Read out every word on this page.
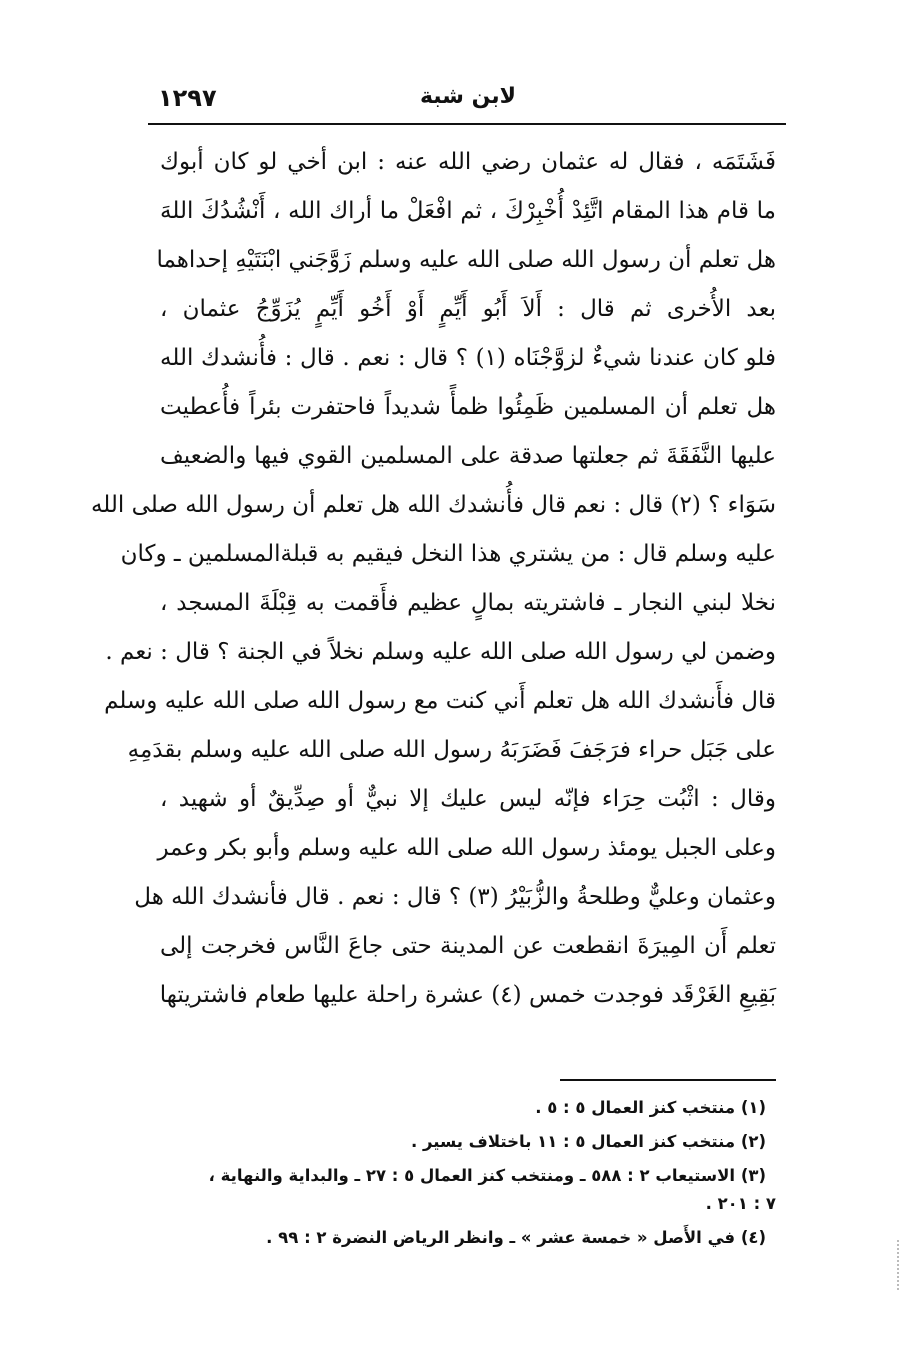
لابن شبة
١٢٩٧
فَشَتَمَه ، فقال له عثمان رضي الله عنه : ابن أخي لو كان أبوك
ما قام هذا المقام اتَّئِدْ أُخْبِرْكَ ، ثم افْعَلْ ما أراك الله ، أَنْشُدُكَ اللهَ
هل تعلم أن رسول الله صلى الله عليه وسلم زَوَّجَني ابْنَتَيْهِ إحداهما
بعد الأُخرى ثم قال : أَلاَ أَبُو أَيِّمٍ أَوْ أَخُو أَيِّمٍ يُزَوِّجُ عثمان ،
فلو كان عندنا شيءٌ لزوَّجْنَاه (١) ؟ قال : نعم . قال : فأُنشدك الله
هل تعلم أن المسلمين ظَمِئُوا ظمأً شديداً فاحتفرت بئراً فأُعطيت
عليها النَّفَقَةَ ثم جعلتها صدقة على المسلمين القوي فيها والضعيف
سَوَاء ؟ (٢) قال : نعم قال فأُنشدك الله هل تعلم أن رسول الله صلى الله
عليه وسلم قال : من يشتري هذا النخل فيقيم به قبلةالمسلمين ـ وكان
نخلا لبني النجار ـ فاشتريته بمالٍ عظيم فأَقمت به قِبْلَةَ المسجد ،
وضمن لي رسول الله صلى الله عليه وسلم نخلاً في الجنة ؟ قال : نعم .
قال فأَنشدك الله هل تعلم أَني كنت مع رسول الله صلى الله عليه وسلم
على جَبَل حراء فرَجَفَ فَضَرَبَهُ رسول الله صلى الله عليه وسلم بقدَمِهِ
وقال : اثْبُت حِرَاء فإنّه ليس عليك إلا نبيٌّ أو صِدِّيقٌ أو شهيد ،
وعلى الجبل يومئذ رسول الله صلى الله عليه وسلم وأبو بكر وعمر
وعثمان وعليٌّ وطلحةُ والزُّبَيْرُ (٣) ؟ قال : نعم . قال فأنشدك الله هل
تعلم أَن المِيرَةَ انقطعت عن المدينة حتى جاعَ النَّاس فخرجت إلى
بَقِيعِ الغَرْقَد فوجدت خمس (٤) عشرة راحلة عليها طعام فاشتريتها
(١) منتخب كنز العمال ٥ : ٥ .
(٢) منتخب كنز العمال ٥ : ١١ باختلاف يسير .
(٣) الاستيعاب ٢ : ٥٨٨ ـ ومنتخب كنز العمال ٥ : ٢٧ ـ والبداية والنهاية ،
٧ : ٢٠١ .
(٤) في الأَصل « خمسة عشر » ـ وانظر الرياض النضرة ٢ : ٩٩ .
